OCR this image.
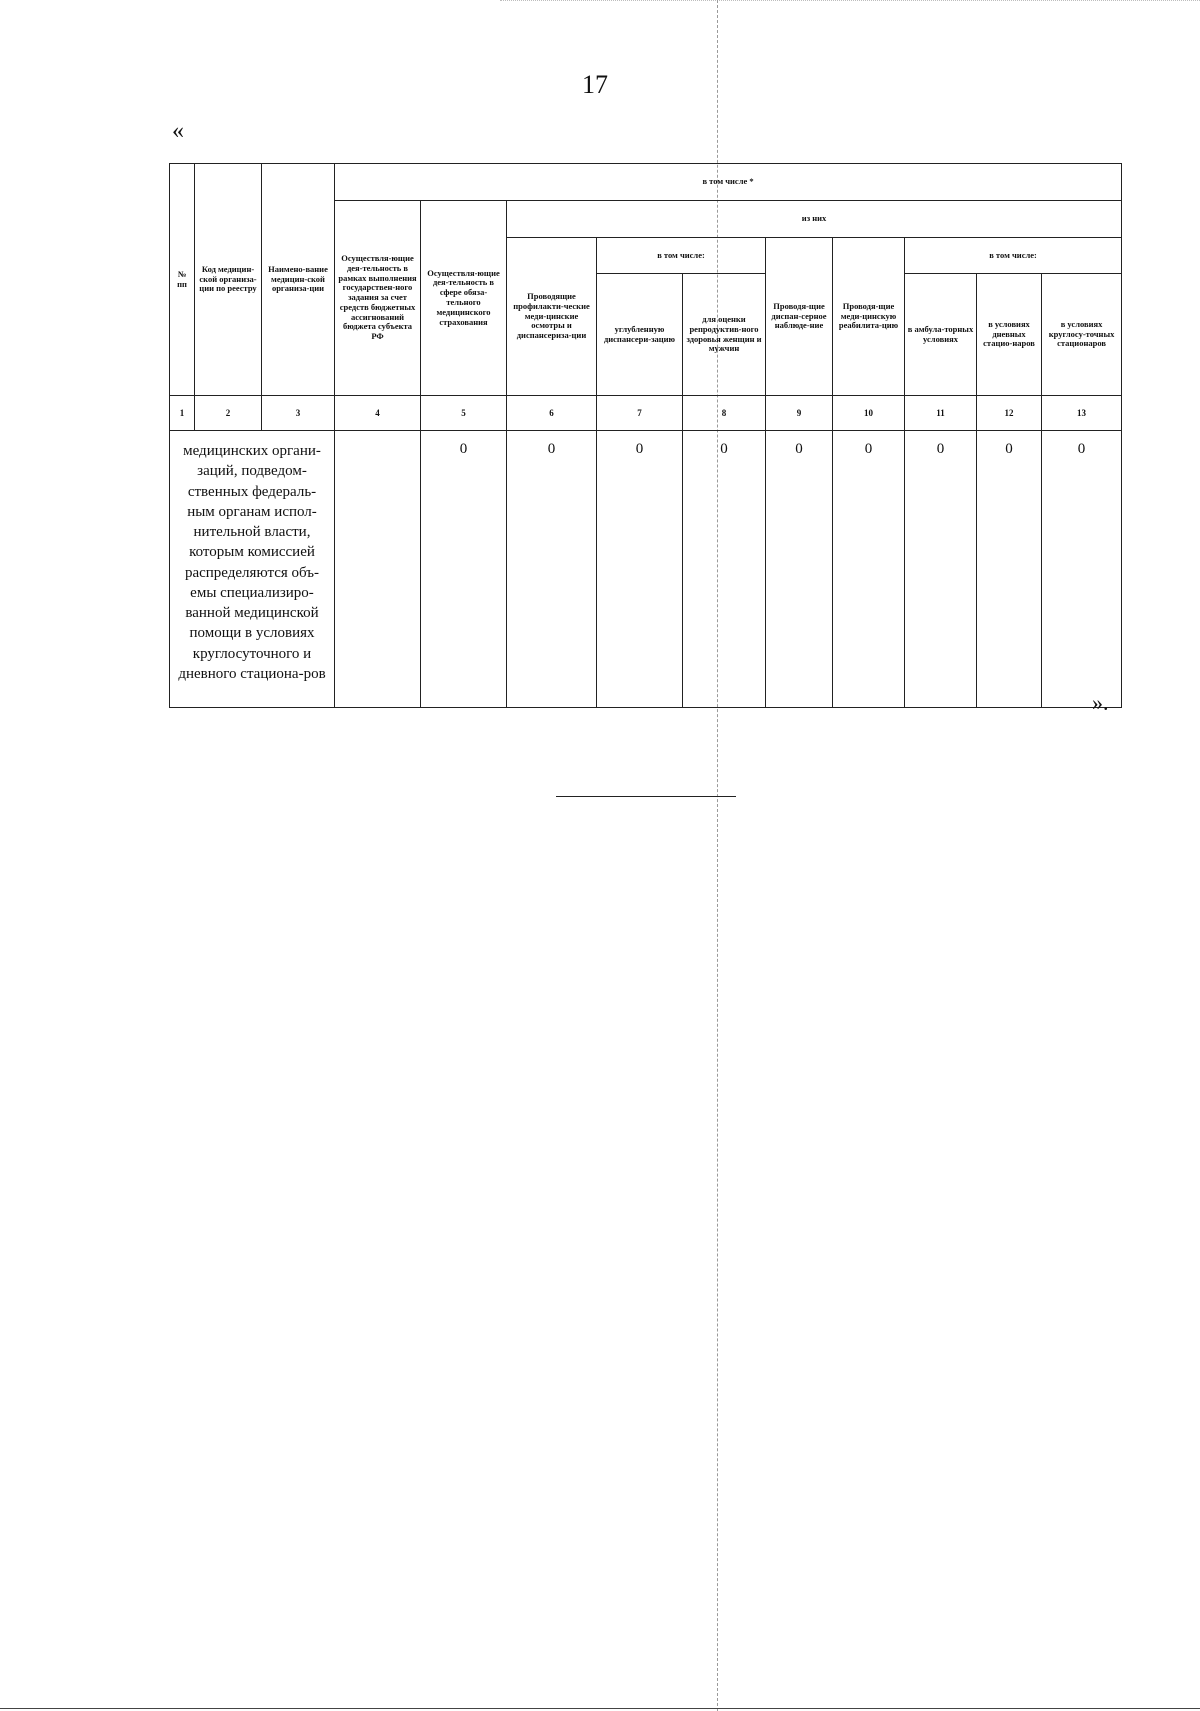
17
«
№ пп	Код медицин-ской организа-ции по реестру	Наимено-вание медицин-ской организа-ции	в том числе *									
			Осуществля-ющие дея-тельность в рамках выполнения государствен-ного задания за счет средств бюджетных ассигнований бюджета субъекта РФ	Осуществля-ющие дея-тельность в сфере обяза-тельного медицинского страхования	из них							
					Проводящие профилакти-ческие меди-цинские осмотры и диспансериза-ции	в том числе:		Проводя-щие диспан-серное наблюде-ние	Проводя-щие меди-цинскую реабилита-цию	в том числе:		
						углубленную диспансери-зацию	для оценки репродуктив-ного здоровья женщин и мужчин			в амбула-торных условиях	в условиях дневных стацио-наров	в условиях круглосу-точных стационаров
1	2	3	4	5	6	7	8	9	10	11	12	13
медицинских органи-заций, подведом-ственных федераль-ным органам испол-нительной власти, которым комиссией распределяются объ-емы специализиро-ванной медицинской помощи в условиях круглосуточного и дневного стациона-ров				0	0	0	0	0	0	0	0	0
».
